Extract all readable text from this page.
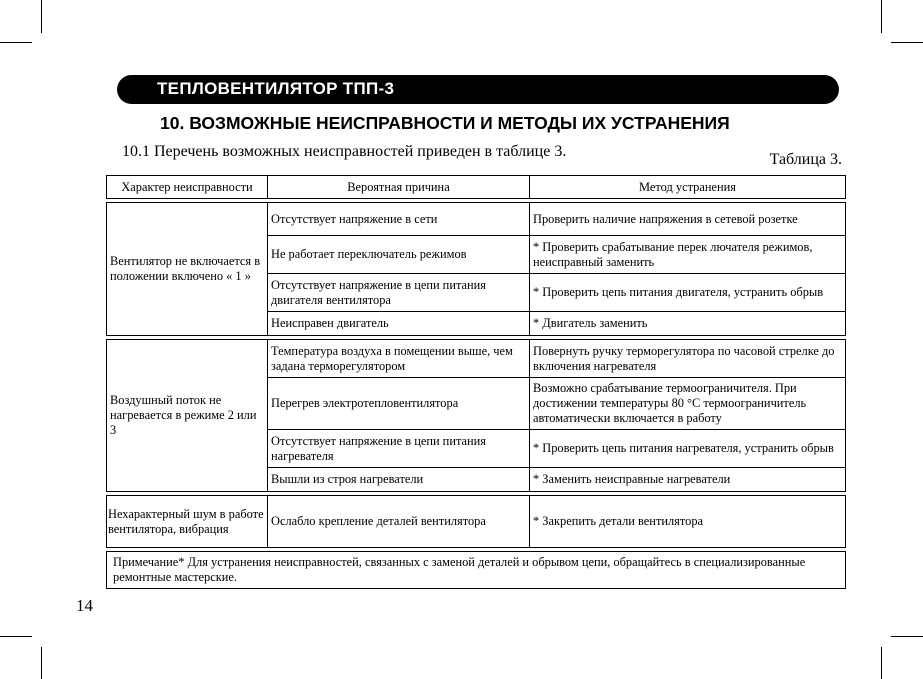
ТЕПЛОВЕНТИЛЯТОР ТПП-3
10. ВОЗМОЖНЫЕ НЕИСПРАВНОСТИ И МЕТОДЫ ИХ УСТРАНЕНИЯ
10.1 Перечень возможных неисправностей приведен в таблице 3.	Таблица 3.
Характер неисправности	Вероятная причина	Метод устранения

Вентилятор не включается в положении включено « 1 »	Отсутствует напряжение в сети	Проверить наличие напряжения в сетевой розетке
	Не работает переключатель режимов	* Проверить срабатывание перек лючателя режимов, неисправный заменить
	Отсутствует напряжение в цепи питания двигателя вентилятора	* Проверить цепь питания двигателя, устранить обрыв
	Неисправен двигатель	* Двигатель заменить

Воздушный поток не нагревается в режиме 2 или 3	Температура воздуха в помещении выше, чем задана терморегулятором	Повернуть ручку терморегулятора по часовой стрелке до включения нагревателя
	Перегрев электротепловентилятора	Возможно срабатывание термоограничителя. При достижении температуры 80 °С термоограничитель автоматически включается в работу
	Отсутствует напряжение в цепи питания нагревателя	* Проверить цепь питания нагревателя, устранить обрыв
	Вышли из строя нагреватели	* Заменить неисправные нагреватели

Нехарактерный шум в работе вентилятора, вибрация	Ослабло крепление деталей вентилятора	* Закрепить детали вентилятора

Примечание* Для устранения неисправностей, связанных с заменой деталей и обрывом цепи, обращайтесь в специализированные ремонтные мастерские.		
14
